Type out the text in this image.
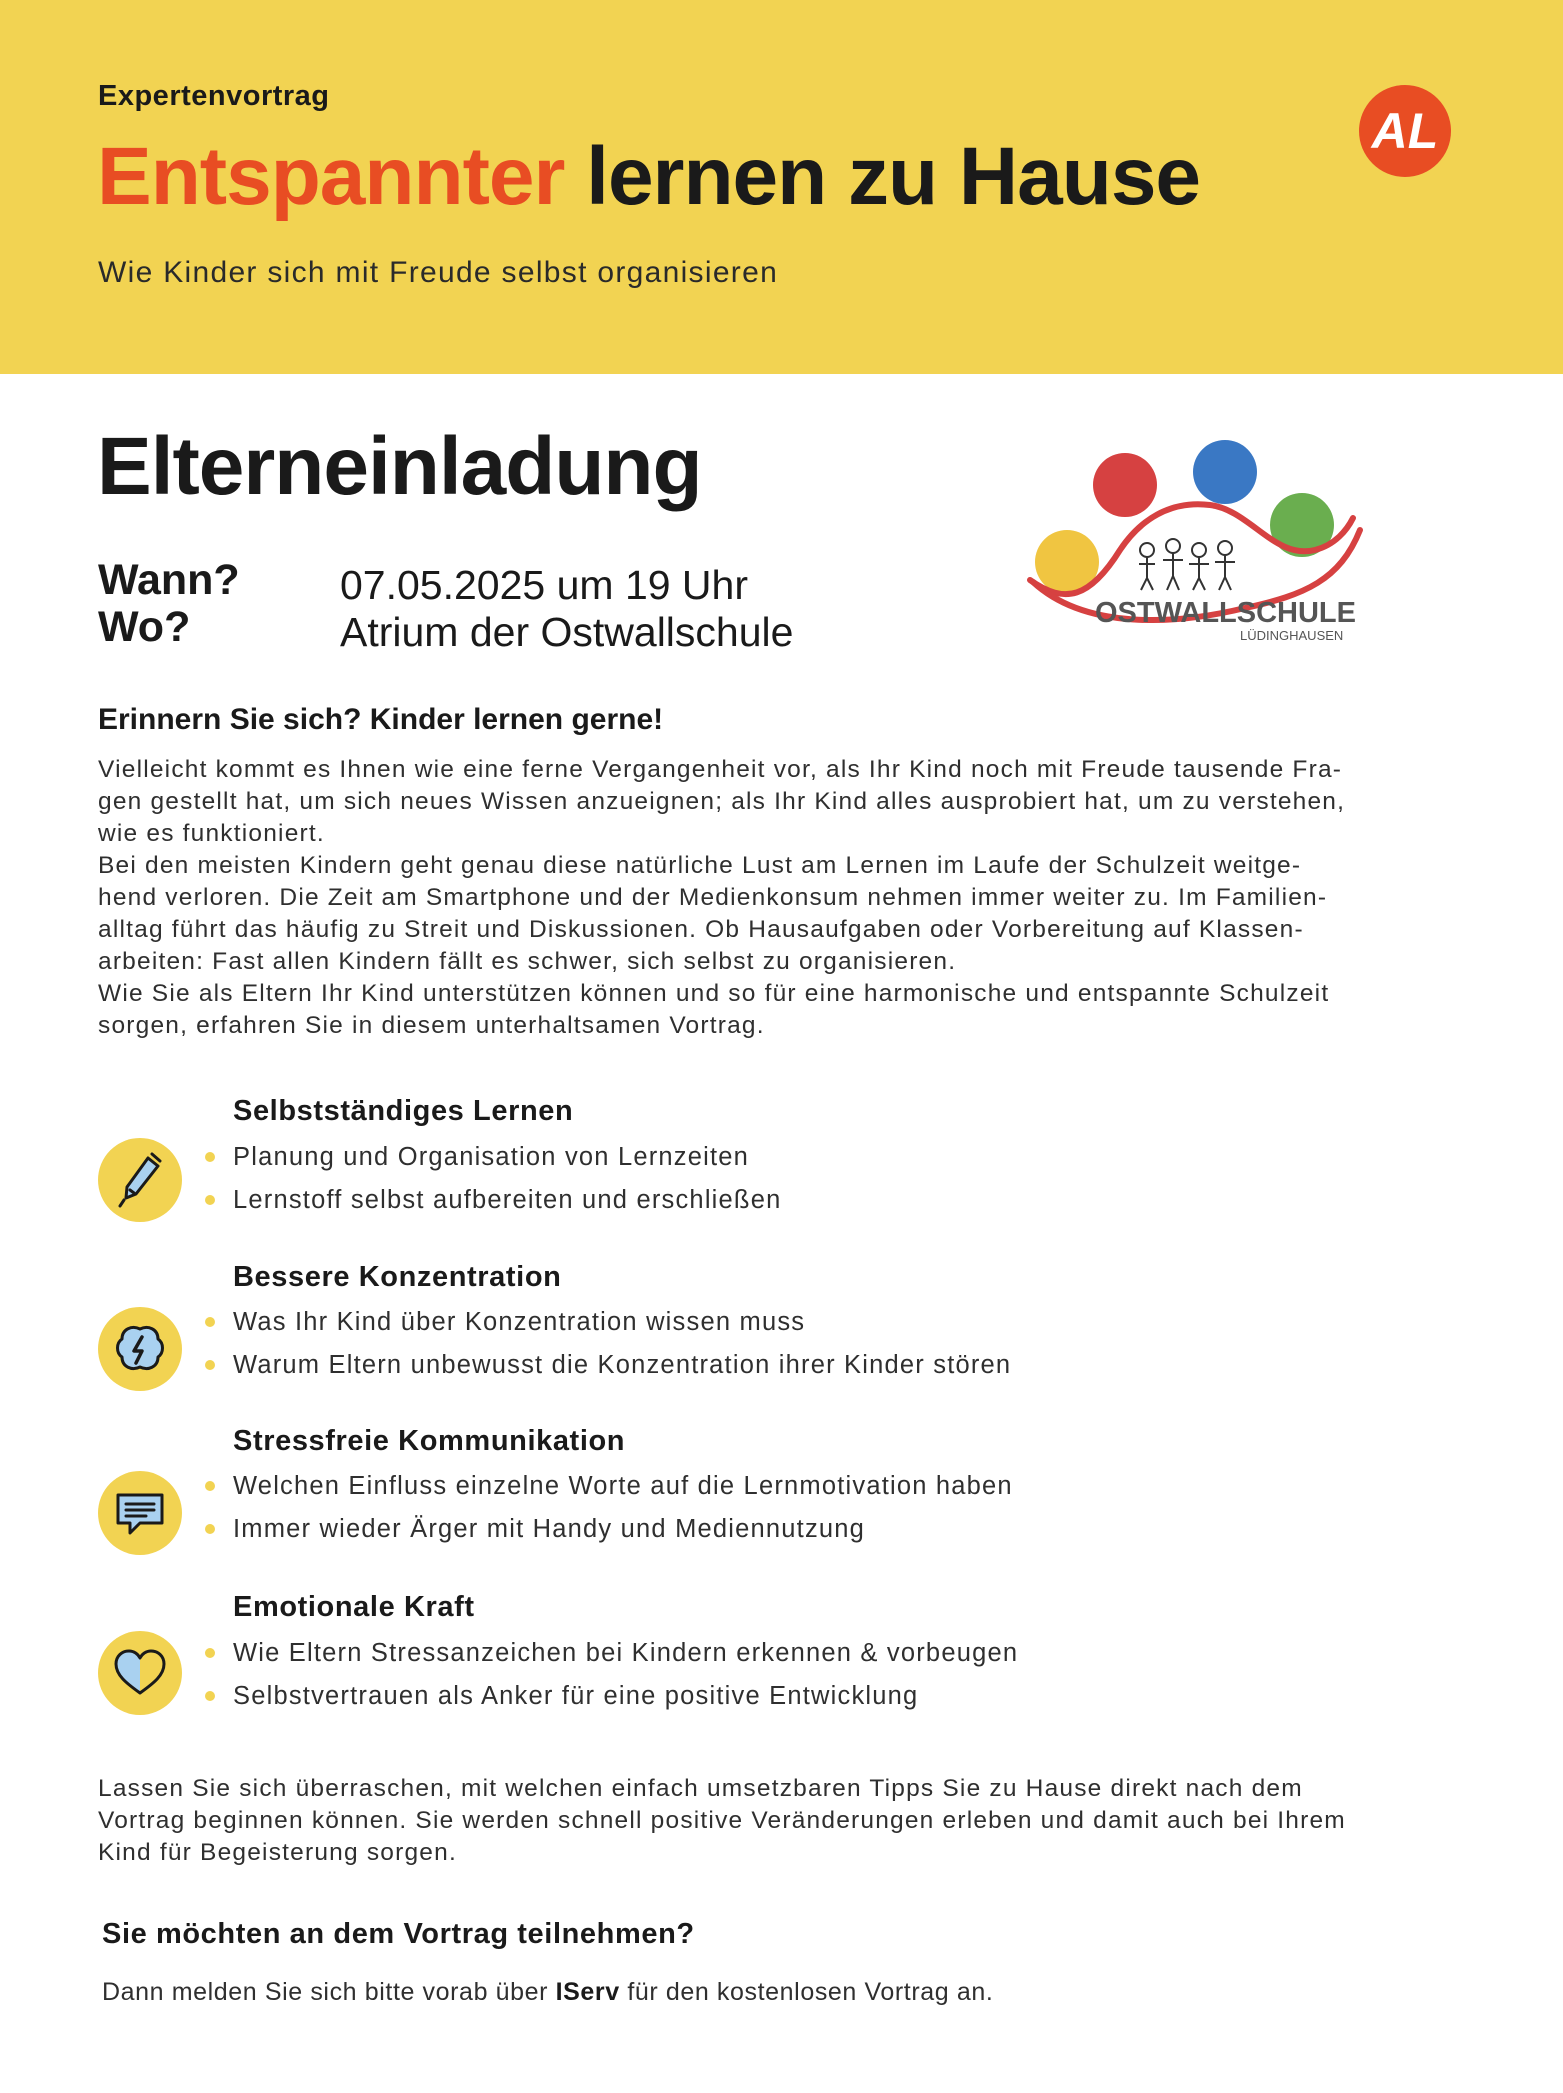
Expertenvortrag
Entspannter lernen zu Hause
Wie Kinder sich mit Freude selbst organisieren
AL
Elterneinladung
Wann?
Wo?
07.05.2025 um 19 Uhr
Atrium der Ostwallschule	OSTWALLSCHULE
LÜDINGHAUSEN
Erinnern Sie sich? Kinder lernen gerne!

Vielleicht kommt es Ihnen wie eine ferne Vergangenheit vor, als Ihr Kind noch mit Freude tausende Fra-
gen gestellt hat, um sich neues Wissen anzueignen; als Ihr Kind alles ausprobiert hat, um zu verstehen,
wie es funktioniert.
Bei den meisten Kindern geht genau diese natürliche Lust am Lernen im Laufe der Schulzeit weitge-
hend verloren. Die Zeit am Smartphone und der Medienkonsum nehmen immer weiter zu. Im Familien-
alltag führt das häufig zu Streit und Diskussionen. Ob Hausaufgaben oder Vorbereitung auf Klassen-
arbeiten: Fast allen Kindern fällt es schwer, sich selbst zu organisieren.
Wie Sie als Eltern Ihr Kind unterstützen können und so für eine harmonische und entspannte Schulzeit
sorgen, erfahren Sie in diesem unterhaltsamen Vortrag.

Selbstständiges Lernen
Planung und Organisation von Lernzeiten
Lernstoff selbst aufbereiten und erschließen
Bessere Konzentration
Was Ihr Kind über Konzentration wissen muss
Warum Eltern unbewusst die Konzentration ihrer Kinder stören
Stressfreie Kommunikation
Welchen Einfluss einzelne Worte auf die Lernmotivation haben
Immer wieder Ärger mit Handy und Mediennutzung
Emotionale Kraft
Wie Eltern Stressanzeichen bei Kindern erkennen & vorbeugen
Selbstvertrauen als Anker für eine positive Entwicklung

Lassen Sie sich überraschen, mit welchen einfach umsetzbaren Tipps Sie zu Hause direkt nach dem
Vortrag beginnen können. Sie werden schnell positive Veränderungen erleben und damit auch bei Ihrem
Kind für Begeisterung sorgen.

Sie möchten an dem Vortrag teilnehmen?
Dann melden Sie sich bitte vorab über IServ für den kostenlosen Vortrag an.
